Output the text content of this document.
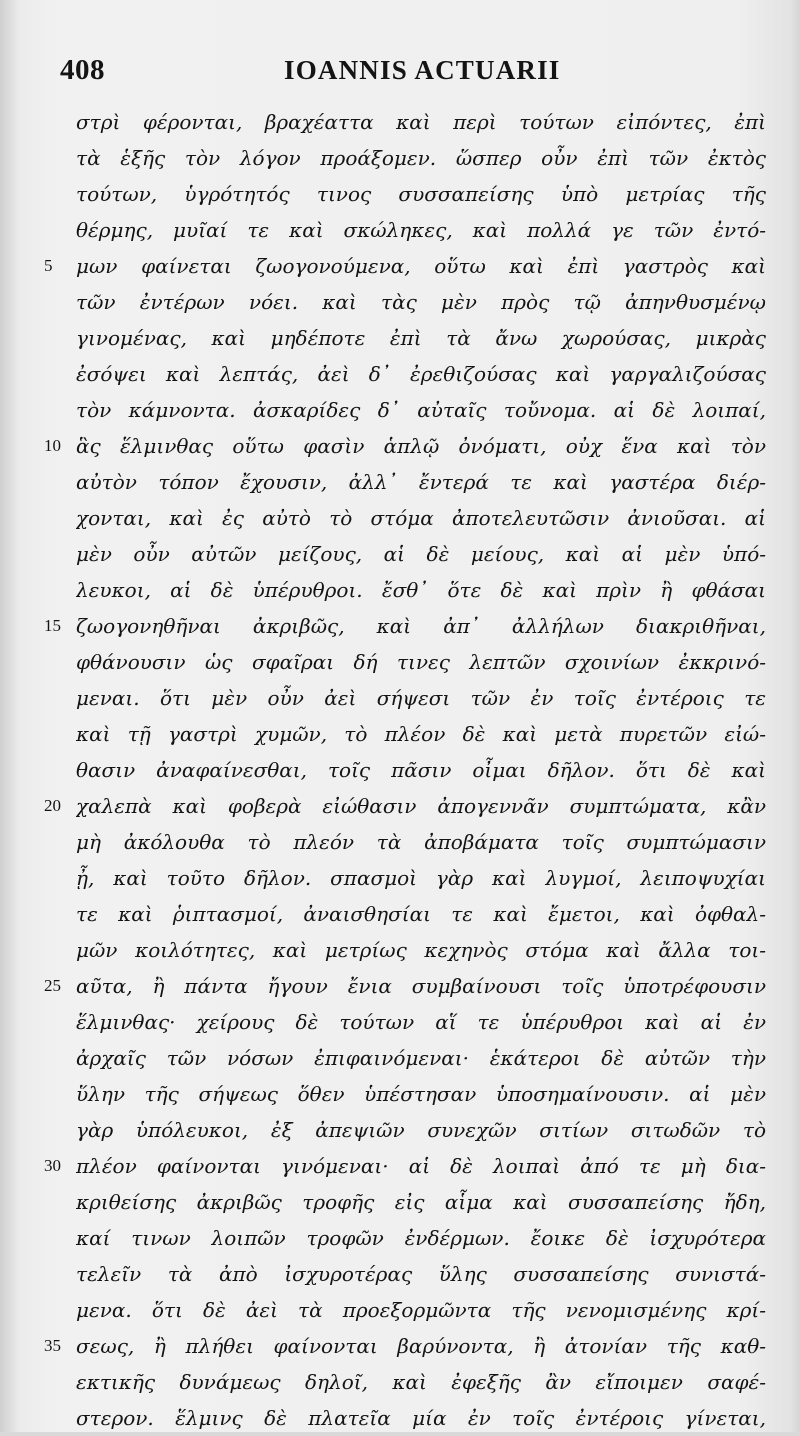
408	IOANNIS ACTUARII
στρὶ φέρονται, βραχέαττα καὶ περὶ τούτων εἰπόντες, ἐπὶ
τὰ ἑξῆς τὸν λόγον προάξομεν. ὥσπερ οὖν ἐπὶ τῶν ἐκτὸς
τούτων, ὑγρότητός τινος συσσαπείσης ὑπὸ μετρίας τῆς
θέρμης, μυῖαί τε καὶ σκώληκες, καὶ πολλά γε τῶν ἐντό-
5	μων φαίνεται ζωογονούμενα, οὕτω καὶ ἐπὶ γαστρὸς καὶ
τῶν ἐντέρων νόει. καὶ τὰς μὲν πρὸς τῷ ἀπηνθυσμένῳ
γινομένας, καὶ μηδέποτε ἐπὶ τὰ ἄνω χωρούσας, μικρὰς
ἐσόψει καὶ λεπτάς, ἀεὶ δ᾽ ἐρεθιζούσας καὶ γαργαλιζούσας
τὸν κάμνοντα. ἀσκαρίδες δ᾽ αὐταῖς τοὔνομα. αἱ δὲ λοιπαί,
10 ἃς ἕλμινθας οὕτω φασὶν ἁπλῷ ὀνόματι, οὐχ ἕνα καὶ τὸν
αὐτὸν τόπον ἔχουσιν, ἀλλ᾽ ἔντερά τε καὶ γαστέρα διέρ-
χονται, καὶ ἐς αὐτὸ τὸ στόμα ἀποτελευτῶσιν ἀνιοῦσαι. αἱ
μὲν οὖν αὐτῶν μείζους, αἱ δὲ μείους, καὶ αἱ μὲν ὑπό-
λευκοι, αἱ δὲ ὑπέρυθροι. ἔσθ᾽ ὅτε δὲ καὶ πρὶν ἢ φθάσαι
15 ζωογονηθῆναι ἀκριβῶς, καὶ ἀπ᾽ ἀλλήλων διακριθῆναι,
φθάνουσιν ὡς σφαῖραι δή τινες λεπτῶν σχοινίων ἐκκρινό-
μεναι. ὅτι μὲν οὖν ἀεὶ σήψεσι τῶν ἐν τοῖς ἐντέροις τε
καὶ τῇ γαστρὶ χυμῶν, τὸ πλέον δὲ καὶ μετὰ πυρετῶν εἰώ-
θασιν ἀναφαίνεσθαι, τοῖς πᾶσιν οἶμαι δῆλον. ὅτι δὲ καὶ
20 χαλεπὰ καὶ φοβερὰ εἰώθασιν ἀπογεννᾶν συμπτώματα, κἂν
μὴ ἀκόλουθα τὸ πλεόν τὰ ἀποβάματα τοῖς συμπτώμασιν
ᾖ, καὶ τοῦτο δῆλον. σπασμοὶ γὰρ καὶ λυγμοί, λειποψυχίαι
τε καὶ ῥιπτασμοί, ἀναισθησίαι τε καὶ ἔμετοι, καὶ ὀφθαλ-
μῶν κοιλότητες, καὶ μετρίως κεχηνὸς στόμα καὶ ἄλλα τοι-
25 αῦτα, ἢ πάντα ἤγουν ἔνια συμβαίνουσι τοῖς ὑποτρέφουσιν
ἕλμινθας· χείρους δὲ τούτων αἵ τε ὑπέρυθροι καὶ αἱ ἐν
ἀρχαῖς τῶν νόσων ἐπιφαινόμεναι· ἑκάτεροι δὲ αὐτῶν τὴν
ὕλην τῆς σήψεως ὅθεν ὑπέστησαν ὑποσημαίνουσιν. αἱ μὲν
γὰρ ὑπόλευκοι, ἐξ ἀπεψιῶν συνεχῶν σιτίων σιτωδῶν τὸ
30 πλέον φαίνονται γινόμεναι· αἱ δὲ λοιπαὶ ἀπό τε μὴ δια-
κριθείσης ἀκριβῶς τροφῆς εἰς αἷμα καὶ συσσαπείσης ἤδη,
καί τινων λοιπῶν τροφῶν ἐνδέρμων. ἔοικε δὲ ἰσχυρότερα
τελεῖν τὰ ἀπὸ ἰσχυροτέρας ὕλης συσσαπείσης συνιστά-
μενα. ὅτι δὲ ἀεὶ τὰ προεξορμῶντα τῆς νενομισμένης κρί-
35 σεως, ἢ πλήθει φαίνονται βαρύνοντα, ἢ ἀτονίαν τῆς καθ-
εκτικῆς δυνάμεως δηλοῖ, καὶ ἐφεξῆς ἂν εἴποιμεν σαφέ-
στερον. ἕλμινς δὲ πλατεῖα μία ἐν τοῖς ἐντέροις γίνεται,
